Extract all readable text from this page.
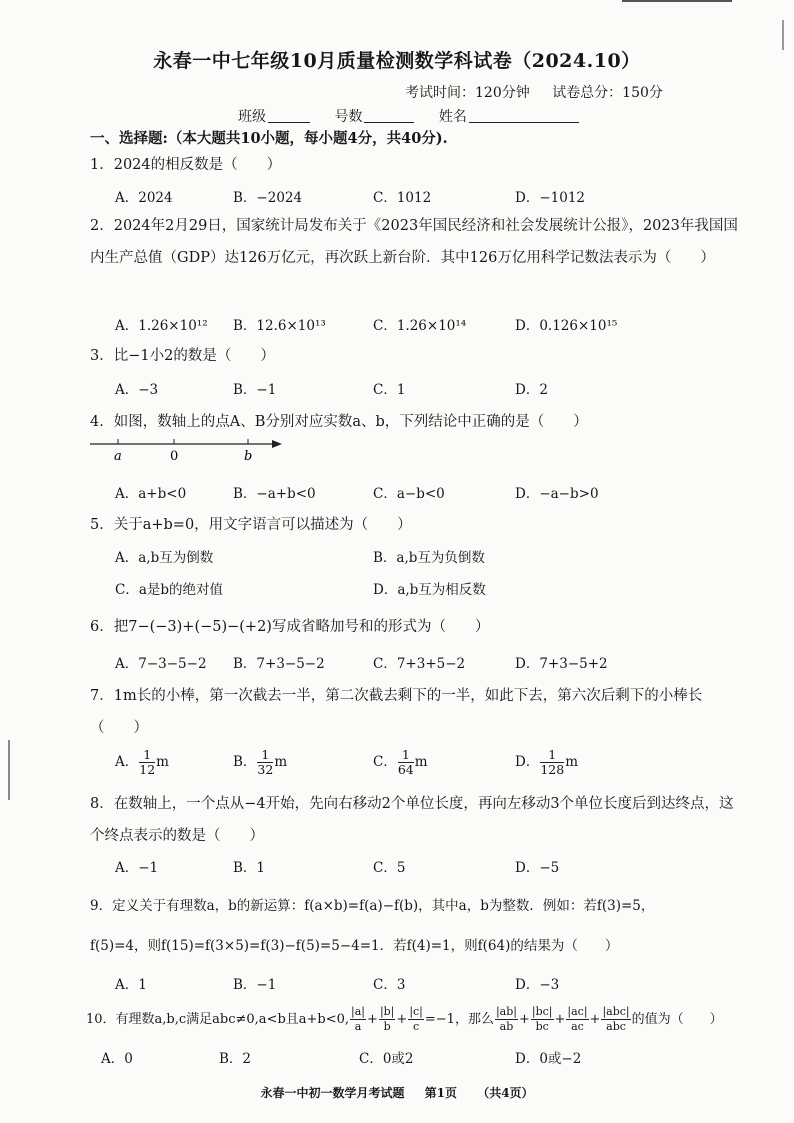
永春一中七年级10月质量检测数学科试卷（2024.10）
考试时间：120分钟 试卷总分：150分
班级	号数	姓名
一、选择题:（本大题共10小题，每小题4分，共40分).
1．2024的相反数是（　　）
A．2024	B．−2024	C．1012	D．−1012
2．2024年2月29日，国家统计局发布关于《2023年国民经济和社会发展统计公报》，2023年我国国内生产总值（GDP）达126万亿元，再次跃上新台阶．其中126万亿用科学记数法表示为（　　）
A．1.26×10¹² B．12.6×10¹³	C．1.26×10¹⁴	D．0.126×10¹⁵
3．比−1小2的数是（　　）
A．−3	B．−1	C．1	D．2
4．如图，数轴上的点A、B分别对应实数a、b，下列结论中正确的是（　　）
a	0	b
A．a+b<0	B．−a+b<0	C．a−b<0	D．−a−b>0
5．关于a+b=0，用文字语言可以描述为（　　）
A．a,b互为倒数	B．a,b互为负倒数
C．a是b的绝对值	D．a,b互为相反数
6．把7−(−3)+(−5)−(+2)写成省略加号和的形式为（　　）
A．7−3−5−2 B．7+3−5−2	C．7+3+5−2	D．7+3−5+2
7．1m长的小棒，第一次截去一半，第二次截去剩下的一半，如此下去，第六次后剩下的小棒长（　　）
A． $\frac{1}{12}$ m	B． $\frac{1}{32}$ m	C． $\frac{1}{64}$ m	D． $\frac{1}{128}$ m
8．在数轴上，一个点从−4开始，先向右移动2个单位长度，再向左移动3个单位长度后到达终点，这个终点表示的数是（　　）
A．−1	B．1	C．5	D．−5
9．定义关于有理数a，b的新运算：f(a×b)=f(a)−f(b)，其中a，b为整数．例如：若f(3)=5，
f(5)=4，则f(15)=f(3×5)=f(3)−f(5)=5−4=1．若f(4)=1，则f(64)的结果为（　　）
A．1	B．−1	C．3	D．−3
10．有理数a,b,c满足abc≠0,a<b且a+b<0, $\frac{|a|}{a} + \frac{|b|}{b} + \frac{|c|}{c} =-1$，那么 $\frac{|ab|}{ab} + \frac{|bc|}{bc} + \frac{|ac|}{ac} + \frac{\text{|abc|}}{\text{abc}}$ 的值为（　　）
A．0	B．2	C．0或2	D．0或−2
永春一中初一数学月考试题 第1页 （共4页）
